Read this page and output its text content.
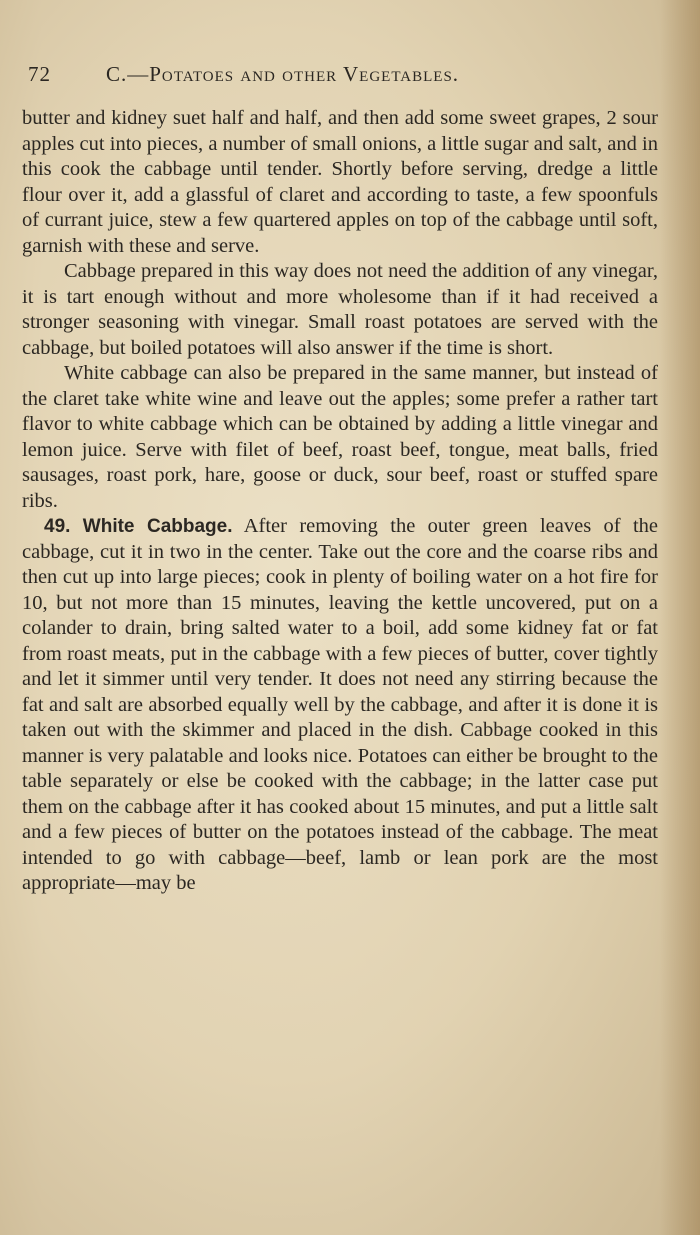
72	C.—Potatoes and other Vegetables.

butter and kidney suet half and half, and then add some sweet grapes, 2 sour apples cut into pieces, a number of small onions, a little sugar and salt, and in this cook the cabbage until tender. Shortly before serving, dredge a little flour over it, add a glassful of claret and according to taste, a few spoonfuls of currant juice, stew a few quartered apples on top of the cabbage until soft, garnish with these and serve.

Cabbage prepared in this way does not need the addition of any vinegar, it is tart enough without and more wholesome than if it had received a stronger seasoning with vinegar. Small roast potatoes are served with the cabbage, but boiled potatoes will also answer if the time is short.

White cabbage can also be prepared in the same manner, but instead of the claret take white wine and leave out the apples; some prefer a rather tart flavor to white cabbage which can be obtained by adding a little vinegar and lemon juice. Serve with filet of beef, roast beef, tongue, meat balls, fried sausages, roast pork, hare, goose or duck, sour beef, roast or stuffed spare ribs.

49. White Cabbage. After removing the outer green leaves of the cabbage, cut it in two in the center. Take out the core and the coarse ribs and then cut up into large pieces; cook in plenty of boiling water on a hot fire for 10, but not more than 15 minutes, leaving the kettle uncovered, put on a colander to drain, bring salted water to a boil, add some kidney fat or fat from roast meats, put in the cabbage with a few pieces of butter, cover tightly and let it simmer until very tender. It does not need any stirring because the fat and salt are absorbed equally well by the cabbage, and after it is done it is taken out with the skimmer and placed in the dish. Cabbage cooked in this manner is very palatable and looks nice. Potatoes can either be brought to the table separately or else be cooked with the cabbage; in the latter case put them on the cabbage after it has cooked about 15 minutes, and put a little salt and a few pieces of butter on the potatoes instead of the cabbage. The meat intended to go with cabbage—beef, lamb or lean pork are the most appropriate—may be
